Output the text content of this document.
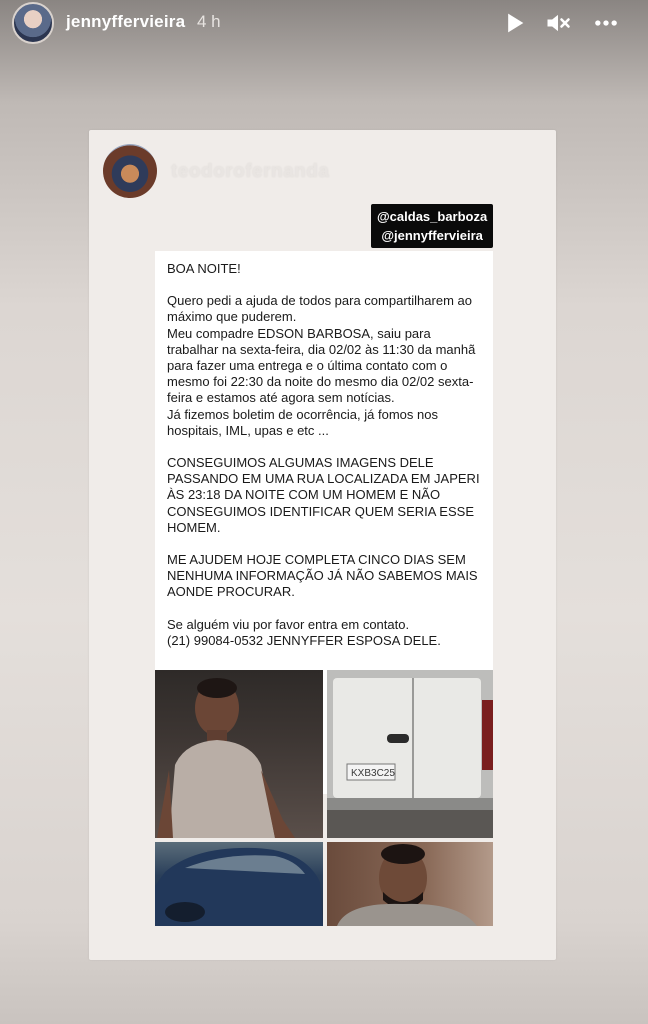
jennyffervieira 4 h
teodorofernanda
@caldas_barboza
@jennyffervieira

BOA NOITE!

Quero pedi a ajuda de todos para compartilharem ao máximo que puderem.

Meu compadre EDSON BARBOSA, saiu para trabalhar na sexta-feira, dia 02/02 às 11:30 da manhã para fazer uma entrega e o última contato com o mesmo foi 22:30 da noite do mesmo dia 02/02 sexta-feira e estamos até agora sem notícias.

Já fizemos boletim de ocorrência, já fomos nos hospitais, IML, upas e etc ...

CONSEGUIMOS ALGUMAS IMAGENS DELE PASSANDO EM UMA RUA LOCALIZADA EM JAPERI ÀS 23:18 DA NOITE COM UM HOMEM E NÃO CONSEGUIMOS IDENTIFICAR QUEM SERIA ESSE HOMEM.

ME AJUDEM HOJE COMPLETA CINCO DIAS SEM NENHUMA INFORMAÇÃO JÁ NÃO SABEMOS MAIS AONDE PROCURAR.

Se alguém viu por favor entra em contato.

(21) 99084-0532 JENNYFFER ESPOSA DELE.

KXB3C25
